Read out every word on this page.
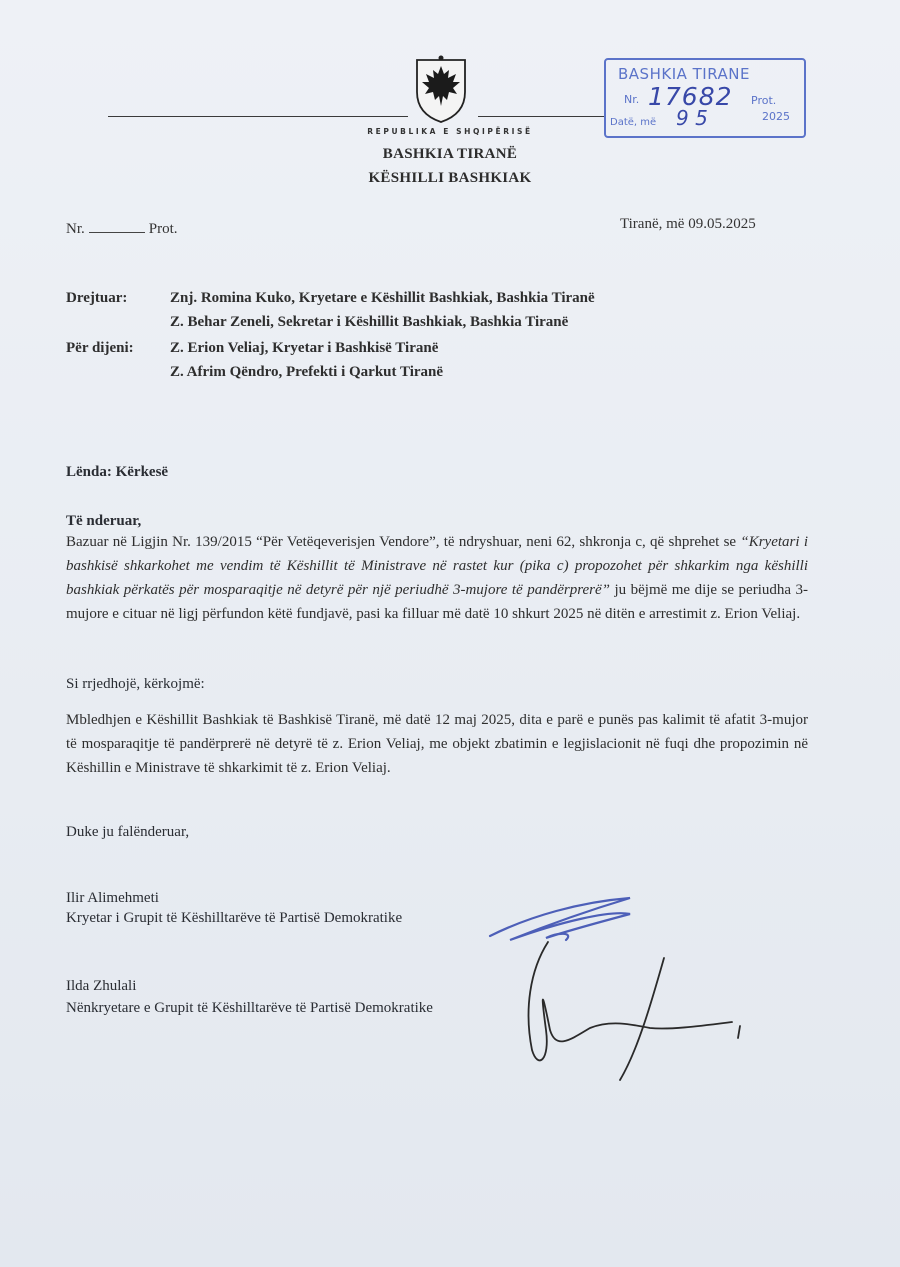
REPUBLIKA E SHQIPËRISË
BASHKIA TIRANË
KËSHILLI BASHKIAK
BASHKIA TIRANE
Nr. 17682 Prot.
Datë, më 9 5	2025
Nr.	Prot.	Tiranë, më 09.05.2025
Drejtuar:	Znj. Romina Kuko, Kryetare e Këshillit Bashkiak, Bashkia Tiranë
Z. Behar Zeneli, Sekretar i Këshillit Bashkiak, Bashkia Tiranë
Për dijeni: Z. Erion Veliaj, Kryetar i Bashkisë Tiranë
Z. Afrim Qëndro, Prefekti i Qarkut Tiranë
Lënda: Kërkesë
Të nderuar,
Bazuar në Ligjin Nr. 139/2015 “Për Vetëqeverisjen Vendore”, të ndryshuar, neni 62, shkronja c, që shprehet se “Kryetari i bashkisë shkarkohet me vendim të Këshillit të Ministrave në rastet kur (pika c) propozohet për shkarkim nga këshilli bashkiak përkatës për mosparaqitje në detyrë për një periudhë 3-mujore të pandërprerë” ju bëjmë me dije se periudha 3-mujore e cituar në ligj përfundon këtë fundjavë, pasi ka filluar më datë 10 shkurt 2025 në ditën e arrestimit z. Erion Veliaj.
Si rrjedhojë, kërkojmë:
Mbledhjen e Këshillit Bashkiak të Bashkisë Tiranë, më datë 12 maj 2025, dita e parë e punës pas kalimit të afatit 3-mujor të mosparaqitje të pandërprerë në detyrë të z. Erion Veliaj, me objekt zbatimin e legjislacionit në fuqi dhe propozimin në Këshillin e Ministrave të shkarkimit të z. Erion Veliaj.
Duke ju falënderuar,
Ilir Alimehmeti
Kryetar i Grupit të Këshilltarëve të Partisë Demokratike
Ilda Zhulali
Nënkryetare e Grupit të Këshilltarëve të Partisë Demokratike
